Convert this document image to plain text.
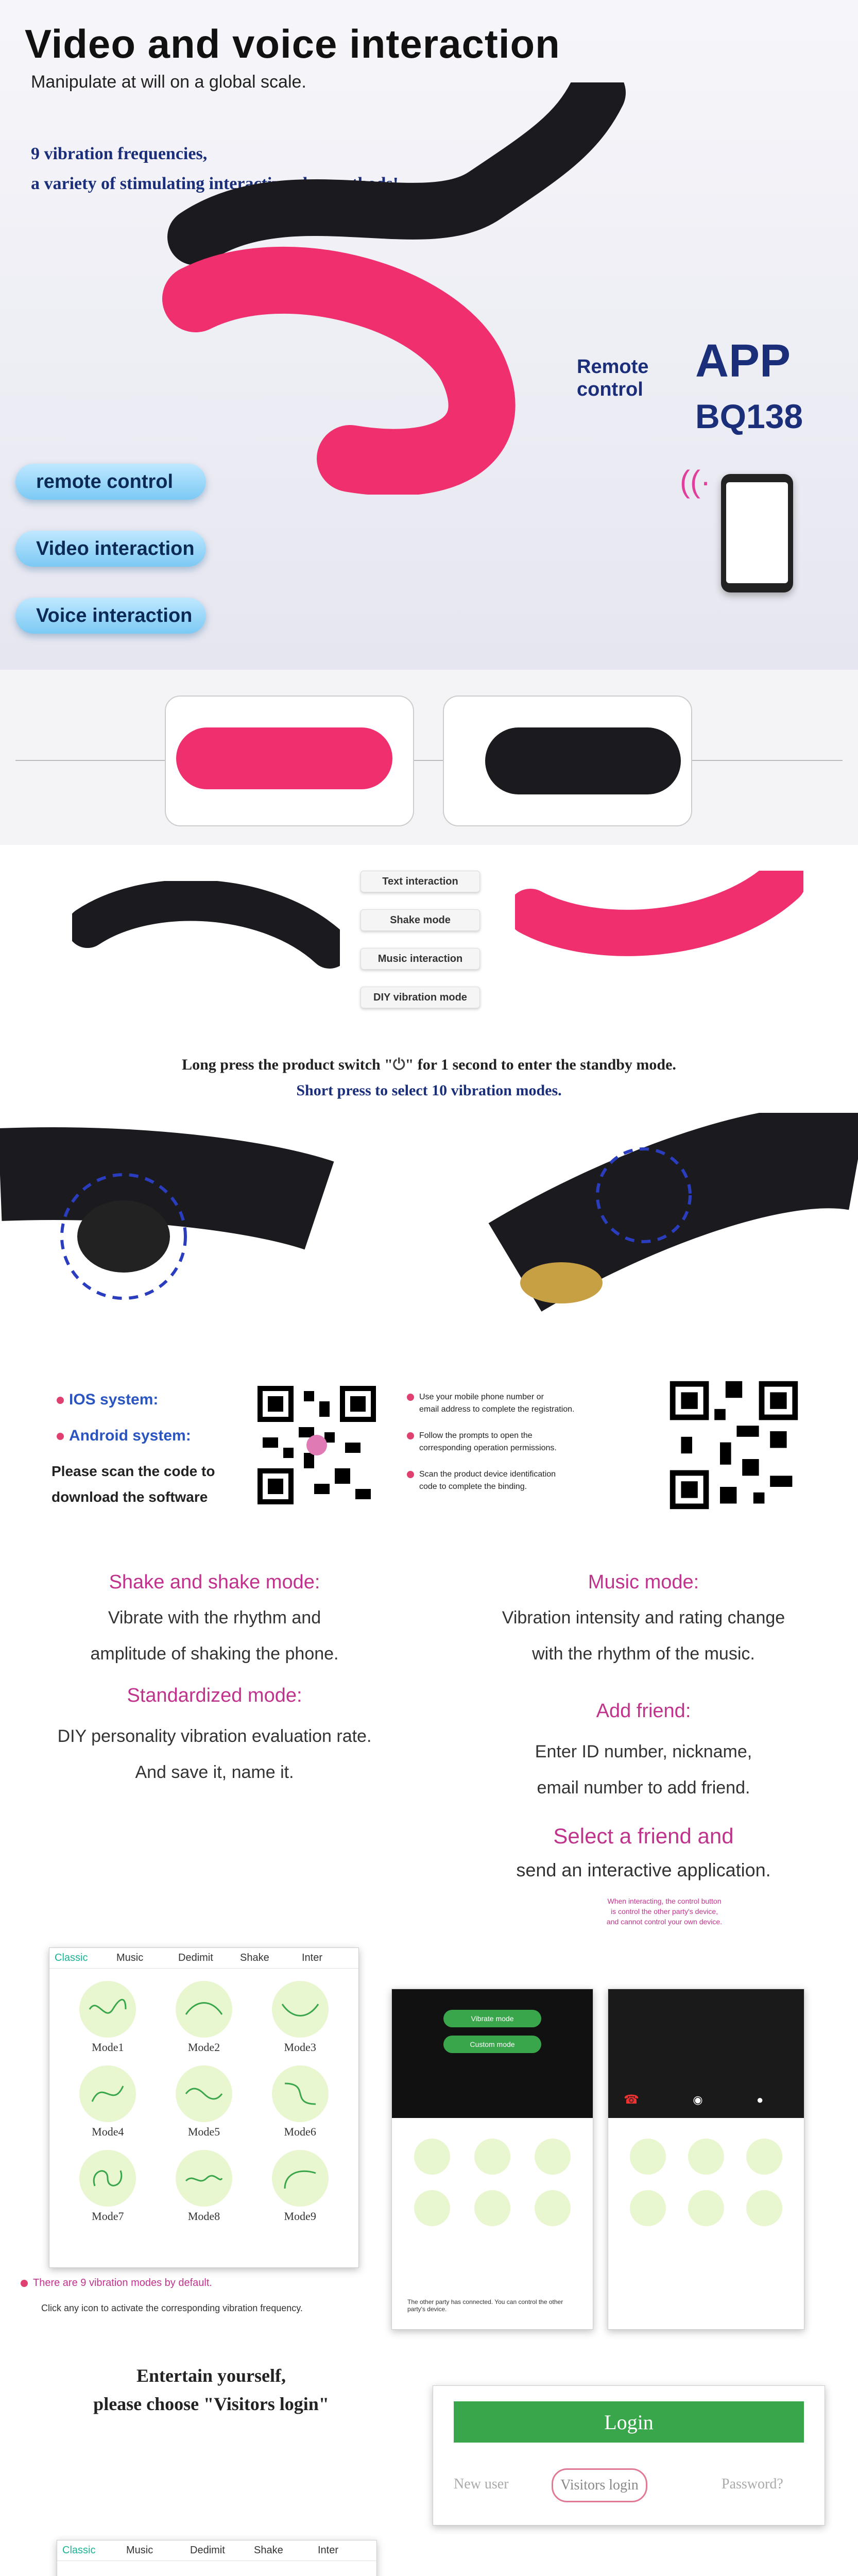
Video and voice interaction
Manipulate at will on a global scale.
9 vibration frequencies,
a variety of stimulating interactive play methods!
Remote control
APP
BQ138
((·
remote control
Video interaction
Voice interaction
Text interaction
Shake mode
Music interaction
DIY vibration mode
Long press the product switch "⏻" for 1 second to enter the standby mode.
Short press to select 10 vibration modes.
IOS system:
Android system:
Please scan the code to
download the software
Use your mobile phone number or
email address to complete the registration.
Follow the prompts to open the
corresponding operation permissions.
Scan the product device identification
code to complete the binding.
Shake and shake mode:
Vibrate with the rhythm and
amplitude of shaking the phone.
Music mode:
Vibration intensity and rating change
with the rhythm of the music.
Standardized mode:
DIY personality vibration evaluation rate.
And save it, name it.
Add friend:
Enter ID number, nickname,
email number to add friend.
Select a friend and
send an interactive application.
When interacting, the control button
is control the other party's device,
and cannot control your own device.
Classic	Music	Dedimit	Shake	Inter
Mode1	Mode2	Mode3
Mode4	Mode5	Mode6
Mode7	Mode8	Mode9
There are 9 vibration modes by default.
Click any icon to activate the corresponding vibration frequency.
Vibrate mode
Custom mode
The other party has connected. You can control the other party's device.
☎	◉	●
Entertain yourself,
please choose "Visitors login"
Login
New user	Visitors login	Password?
Classic	Music	Dedimit	Shake	Inter
